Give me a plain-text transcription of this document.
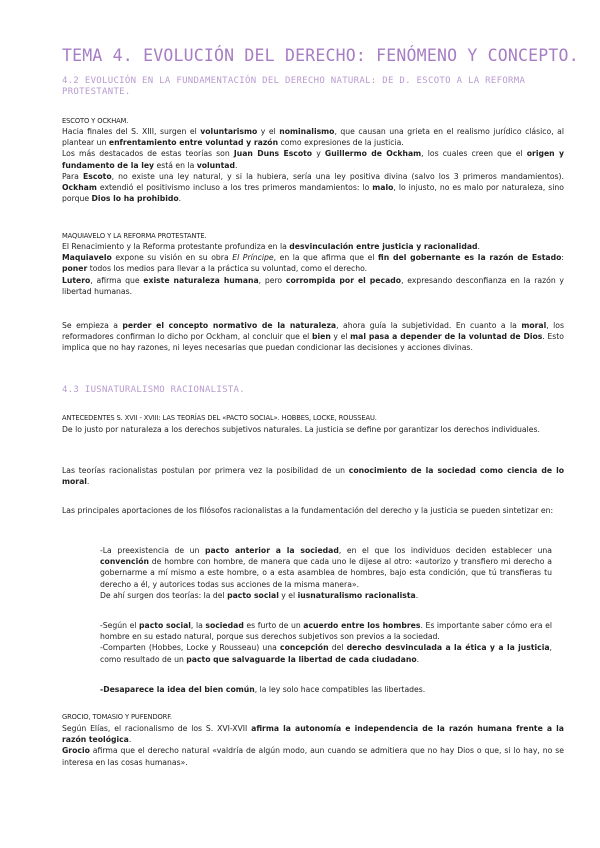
TEMA 4. EVOLUCIÓN DEL DERECHO: FENÓMENO Y CONCEPTO.
4.2 EVOLUCIÓN EN LA FUNDAMENTACIÓN DEL DERECHO NATURAL: DE D. ESCOTO A LA REFORMA
PROTESTANTE.
ESCOTO Y OCKHAM.
Hacia finales del S. XIII, surgen el voluntarismo y el nominalismo, que causan una grieta en el realismo jurídico clásico, al plantear un enfrentamiento entre voluntad y razón como expresiones de la justicia.
Los más destacados de estas teorías son Juan Duns Escoto y Guillermo de Ockham, los cuales creen que el origen y fundamento de la ley está en la voluntad.
Para Escoto, no existe una ley natural, y si la hubiera, sería una ley positiva divina (salvo los 3 primeros mandamientos). Ockham extendió el positivismo incluso a los tres primeros mandamientos: lo malo, lo injusto, no es malo por naturaleza, sino porque Dios lo ha prohibido.
MAQUIAVELO Y LA REFORMA PROTESTANTE.
El Renacimiento y la Reforma protestante profundiza en la desvinculación entre justicia y racionalidad.
Maquiavelo expone su visión en su obra El Príncipe, en la que afirma que el fin del gobernante es la razón de Estado: poner todos los medios para llevar a la práctica su voluntad, como el derecho.
Lutero, afirma que existe naturaleza humana, pero corrompida por el pecado, expresando desconfianza en la razón y libertad humanas.
Se empieza a perder el concepto normativo de la naturaleza, ahora guía la subjetividad. En cuanto a la moral, los reformadores confirman lo dicho por Ockham, al concluir que el bien y el mal pasa a depender de la voluntad de Dios. Esto implica que no hay razones, ni leyes necesarias que puedan condicionar las decisiones y acciones divinas.
4.3 IUSNATURALISMO RACIONALISTA.
ANTECEDENTES S. XVII - XVIII: LAS TEORÍAS DEL «PACTO SOCIAL». HOBBES, LOCKE, ROUSSEAU.
De lo justo por naturaleza a los derechos subjetivos naturales. La justicia se define por garantizar los derechos individuales.
Las teorías racionalistas postulan por primera vez la posibilidad de un conocimiento de la sociedad como ciencia de lo moral.
Las principales aportaciones de los filósofos racionalistas a la fundamentación del derecho y la justicia se pueden sintetizar en:
-La preexistencia de un pacto anterior a la sociedad, en el que los individuos deciden establecer una convención de hombre con hombre, de manera que cada uno le dijese al otro: «autorizo y transfiero mi derecho a gobernarme a mí mismo a este hombre, o a esta asamblea de hombres, bajo esta condición, que tú transfieras tu derecho a él, y autorices todas sus acciones de la misma manera».
De ahí surgen dos teorías: la del pacto social y el iusnaturalismo racionalista.
-Según el pacto social, la sociedad es furto de un acuerdo entre los hombres. Es importante saber cómo era el hombre en su estado natural, porque sus derechos subjetivos son previos a la sociedad.
-Comparten (Hobbes, Locke y Rousseau) una concepción del derecho desvinculada a la ética y a la justicia, como resultado de un pacto que salvaguarde la libertad de cada ciudadano.
-Desaparece la idea del bien común, la ley solo hace compatibles las libertades.
GROCIO, TOMASIO Y PUFENDORF.
Según Elías, el racionalismo de los S. XVI-XVII afirma la autonomía e independencia de la razón humana frente a la razón teológica.
Grocio afirma que el derecho natural «valdría de algún modo, aun cuando se admitiera que no hay Dios o que, si lo hay, no se interesa en las cosas humanas».
